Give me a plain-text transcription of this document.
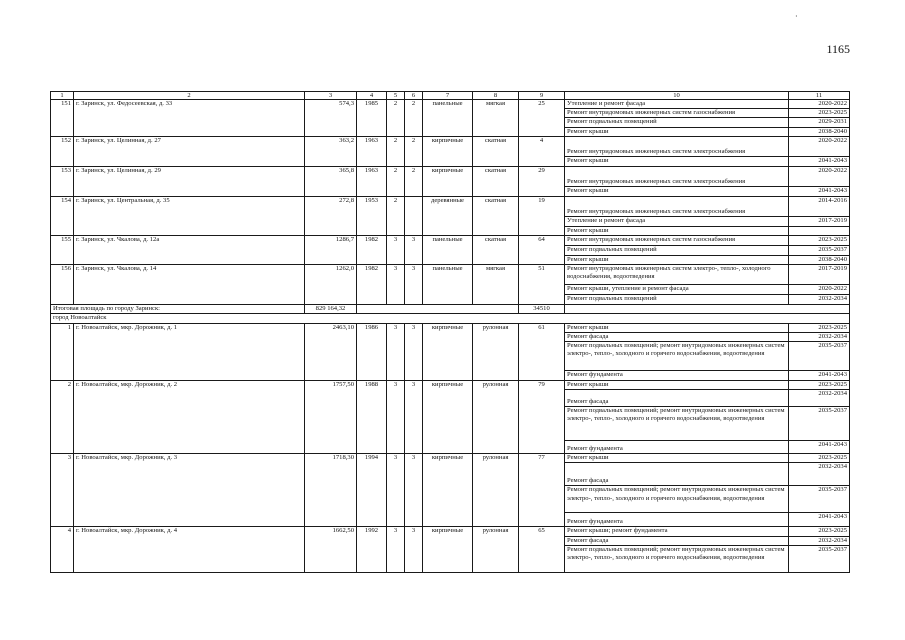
·
1165
1	2	3	4	5	6	7	8	9	10	11
151	г. Заринск, ул. Федосеевская, д. 33	574,3	1985	2	2	панельные	мягкая	25	Утепление и ремонт фасада	2020-2022
									Ремонт внутридомовых инженерных систем газоснабжения	2023-2025
									Ремонт подвальных помещений	2029-2031
									Ремонт крыши	2038-2040
152	г. Заринск, ул. Целинная, д. 27	363,2	1963	2	2	кирпичные	скатная	4	Ремонт внутридомовых инженерных систем электроснабжения	2020-2022
									Ремонт крыши	2041-2043
153	г. Заринск, ул. Целинная, д. 29	365,8	1963	2	2	кирпичные	скатная	29	Ремонт внутридомовых инженерных систем электроснабжения	2020-2022
									Ремонт крыши	2041-2043
154	г. Заринск, ул. Центральная, д. 35	272,8	1953	2		деревянные	скатная	19	Ремонт внутридомовых инженерных систем электроснабжения	2014-2016
									Утепление и ремонт фасада	2017-2019
									Ремонт крыши	
155	г. Заринск, ул. Чкалова, д. 12а	1286,7	1982	3	3	панельные	скатная	64	Ремонт внутридомовых инженерных систем газоснабжения	2023-2025
									Ремонт подвальных помещений	2035-2037
									Ремонт крыши	2038-2040
156	г. Заринск, ул. Чкалова, д. 14	1262,0	1982	3	3	панельные	мягкая	51	Ремонт внутридомовых инженерных систем электро-, тепло-, холодного водоснабжения, водоотведения	2017-2019
									Ремонт крыши, утепление и ремонт фасада	2020-2022
									Ремонт подвальных помещений	2032-2034
Итоговая площадь по городу Заринск:		829 164,32						34510		
город Новоалтайск										
1	г. Новоалтайск, мкр. Дорожник, д. 1	2463,10	1986	3	3	кирпичные	рулонная	61	Ремонт крыши	2023-2025
									Ремонт фасада	2032-2034
									Ремонт подвальных помещений; ремонт внутридомовых инженерных систем электро-, тепло-, холодного и горячего водоснабжения, водоотведения	2035-2037
									Ремонт фундамента	2041-2043
2	г. Новоалтайск, мкр. Дорожник, д. 2	1757,50	1988	3	3	кирпичные	рулонная	79	Ремонт крыши	2023-2025
									Ремонт фасада	2032-2034
									Ремонт подвальных помещений; ремонт внутридомовых инженерных систем электро-, тепло-, холодного и горячего водоснабжения, водоотведения	2035-2037
									Ремонт фундамента	2041-2043
3	г. Новоалтайск, мкр. Дорожник, д. 3	1718,30	1994	3	3	кирпичные	рулонная	77	Ремонт крыши	2023-2025
									Ремонт фасада	2032-2034
									Ремонт подвальных помещений; ремонт внутридомовых инженерных систем электро-, тепло-, холодного и горячего водоснабжения, водоотведения	2035-2037
									Ремонт фундамента	2041-2043
4	г. Новоалтайск, мкр. Дорожник, д. 4	1662,50	1992	3	3	кирпичные	рулонная	65	Ремонт крыши; ремонт фундамента	2023-2025
									Ремонт фасада	2032-2034
									Ремонт подвальных помещений; ремонт внутридомовых инженерных систем электро-, тепло-, холодного и горячего водоснабжения, водоотведения	2035-2037
